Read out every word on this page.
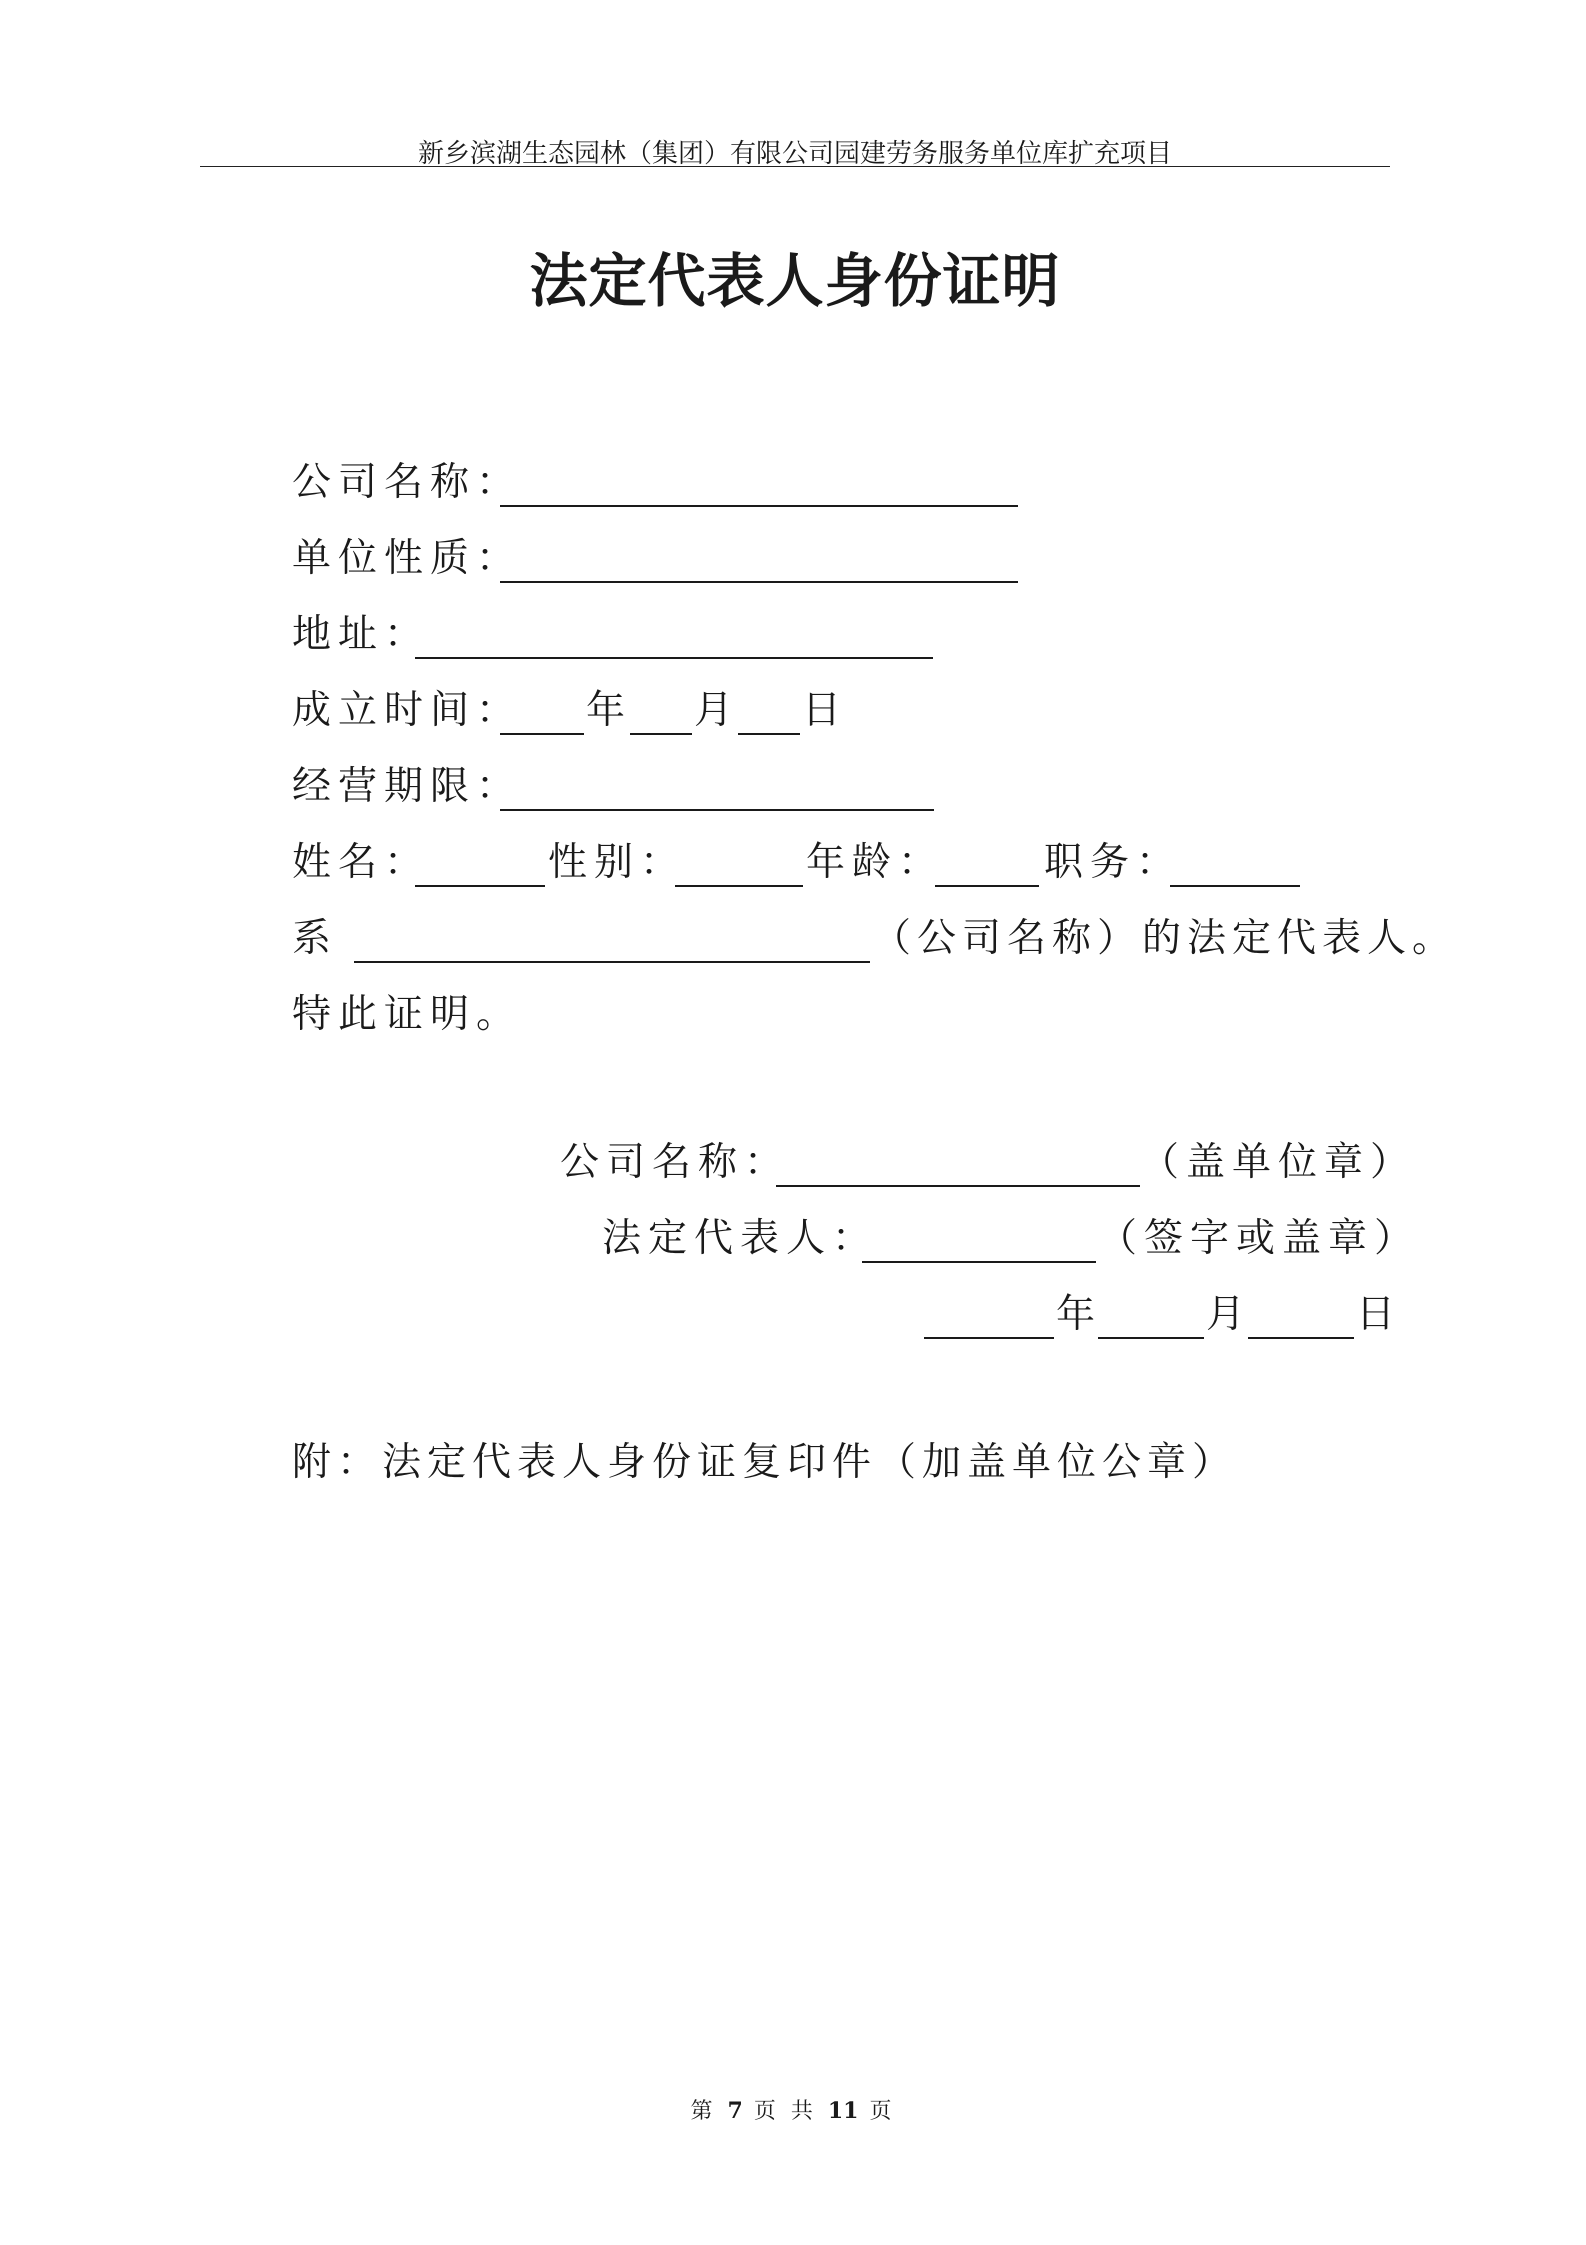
新乡滨湖生态园林（集团）有限公司园建劳务服务单位库扩充项目
法定代表人身份证明
公司名称：
单位性质：
地址：
成立时间： 年 月 日
经营期限：
姓名：	性别：	年龄：	职务：
系	（公司名称）的法定代表人。
特此证明。
公司名称：	（盖单位章）
法定代表人：	（签字或盖章）
年	月	日
附：法定代表人身份证复印件（加盖单位公章）
第 7 页 共 11 页
